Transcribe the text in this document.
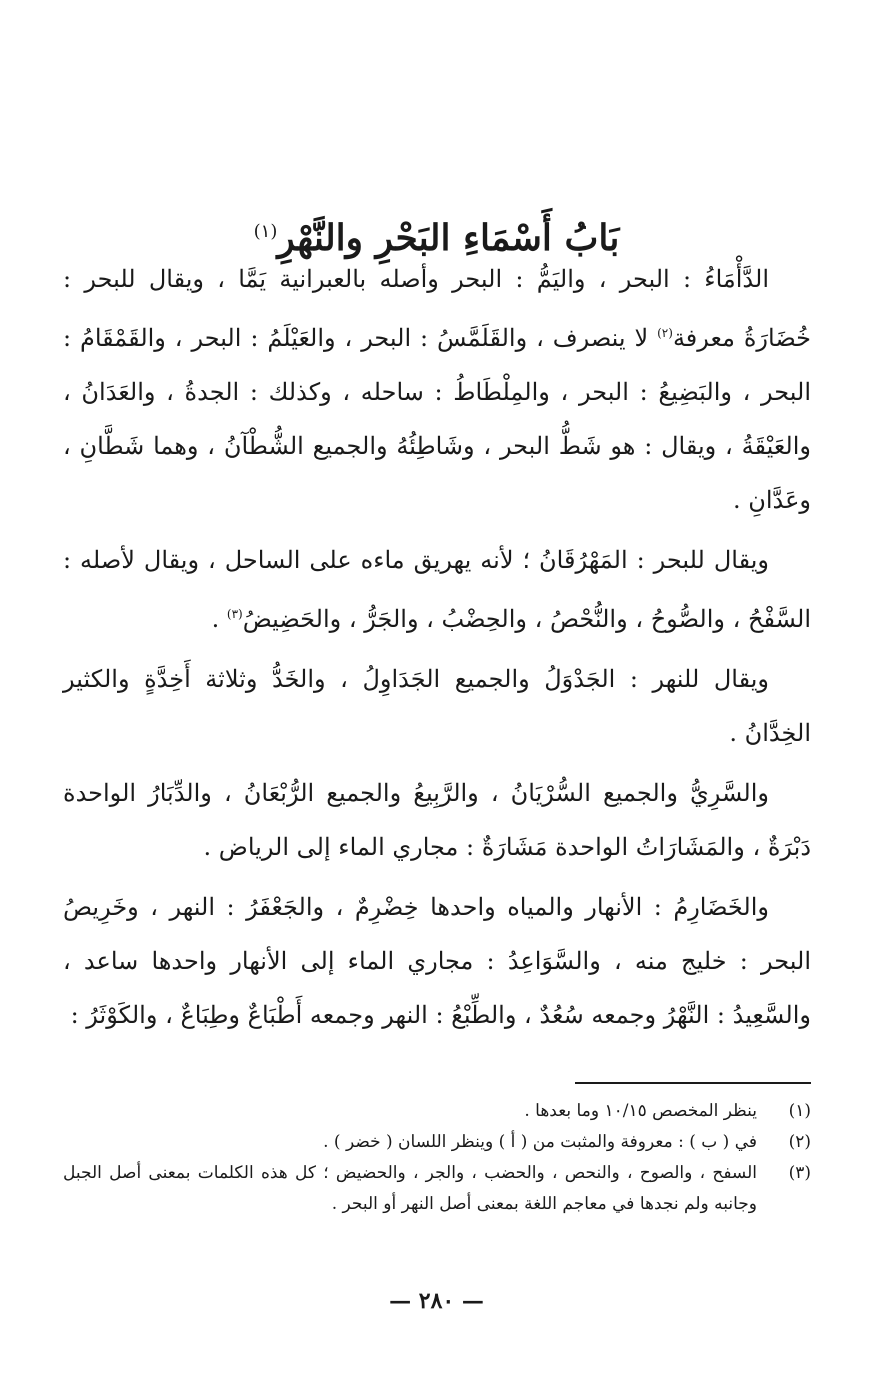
بَابُ أَسْمَاءِ البَحْرِ والنَّهْرِ$^{(١)}$

الدَّأْمَاءُ : البحر ، واليَمُّ : البحر وأصله بالعبرانية يَمَّا ، ويقال للبحر : خُضَارَةُ معرفة$^{(٢)}$ لا ينصرف ، والقَلَمَّسُ : البحر ، والعَيْلَمُ : البحر ، والقَمْقَامُ : البحر ، والبَضِيعُ : البحر ، والمِلْطَاطُ : ساحله ، وكذلك : الجدةُ ، والعَدَانُ ، والعَيْقَةُ ، ويقال : هو شَطُّ البحر ، وشَاطِئُهُ والجميع الشُّطْآنُ ، وهما شَطَّانِ ، وعَدَّانِ .

ويقال للبحر : المَهْرُقَانُ ؛ لأنه يهريق ماءه على الساحل ، ويقال لأصله : السَّفْحُ ، والصُّوحُ ، والنُّحْصُ ، والحِضْبُ ، والجَرُّ ، والحَضِيضُ$^{(٣)}$ .

ويقال للنهر : الجَدْوَلُ والجميع الجَدَاوِلُ ، والخَدُّ وثلاثة أَخِدَّةٍ والكثير الخِدَّانُ .

والسَّرِيُّ والجميع السُّرْيَانُ ، والرَّبِيعُ والجميع الرُّبْعَانُ ، والدِّبَارُ الواحدة دَبْرَةٌ ، والمَشَارَاتُ الواحدة مَشَارَةٌ : مجاري الماء إلى الرياض .

والخَضَارِمُ : الأنهار والمياه واحدها خِضْرِمٌ ، والجَعْفَرُ : النهر ، وخَرِيصُ البحر : خليج منه ، والسَّوَاعِدُ : مجاري الماء إلى الأنهار واحدها ساعد ، والسَّعِيدُ : النَّهْرُ وجمعه سُعُدٌ ، والطِّبْعُ : النهر وجمعه أَطْبَاعٌ وطِبَاعٌ ، والكَوْثَرُ :

(١)
ينظر المخصص ١٠/١٥ وما بعدها .
(٢)
في ( ب ) : معروفة والمثبت من ( أ ) وينظر اللسان ( خضر ) .
(٣)
السفح ، والصوح ، والنحص ، والحضب ، والجر ، والحضيض ؛ كل هذه الكلمات بمعنى أصل الجبل وجانبه ولم نجدها في معاجم اللغة بمعنى أصل النهر أو البحر .
— ٢٨٠ —
